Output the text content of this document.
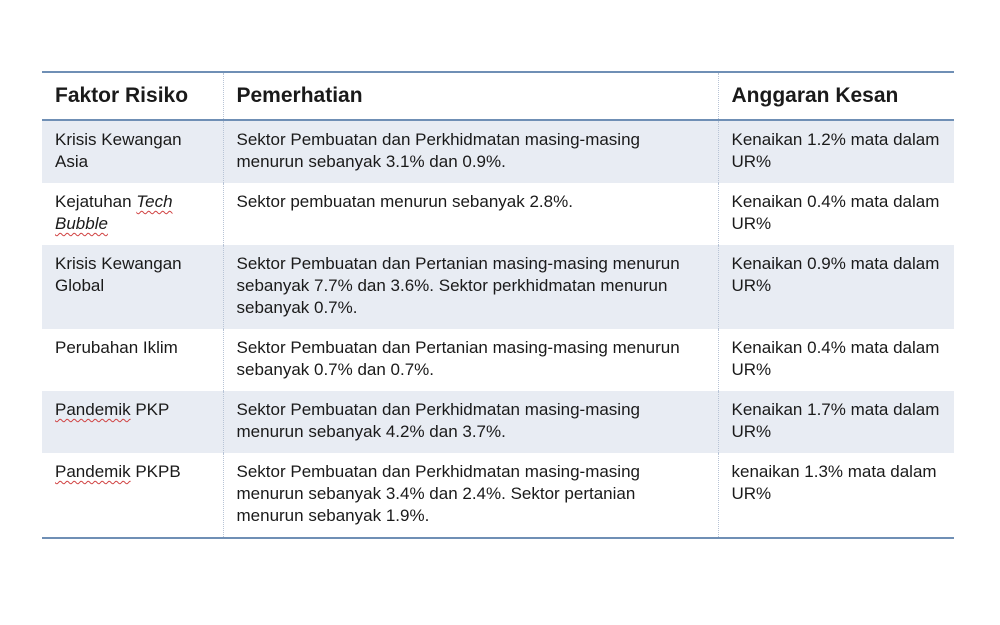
Faktor Risiko	Pemerhatian	Anggaran Kesan
Krisis Kewangan Asia	Sektor Pembuatan dan Perkhidmatan masing-masing menurun sebanyak 3.1% dan 0.9%.	Kenaikan 1.2% mata dalam UR%
Kejatuhan Tech Bubble	Sektor pembuatan menurun sebanyak 2.8%.	Kenaikan 0.4% mata dalam UR%
Krisis Kewangan Global	Sektor Pembuatan dan Pertanian masing-masing menurun sebanyak 7.7% dan 3.6%. Sektor perkhidmatan menurun sebanyak 0.7%.	Kenaikan 0.9% mata dalam UR%
Perubahan Iklim	Sektor Pembuatan dan Pertanian masing-masing menurun sebanyak 0.7% dan 0.7%.	Kenaikan 0.4% mata dalam UR%
Pandemik PKP	Sektor Pembuatan dan Perkhidmatan masing-masing menurun sebanyak 4.2% dan 3.7%.	Kenaikan 1.7% mata dalam UR%
Pandemik PKPB	Sektor Pembuatan dan Perkhidmatan masing-masing menurun sebanyak 3.4% dan 2.4%. Sektor pertanian menurun sebanyak 1.9%.	kenaikan 1.3% mata dalam UR%
